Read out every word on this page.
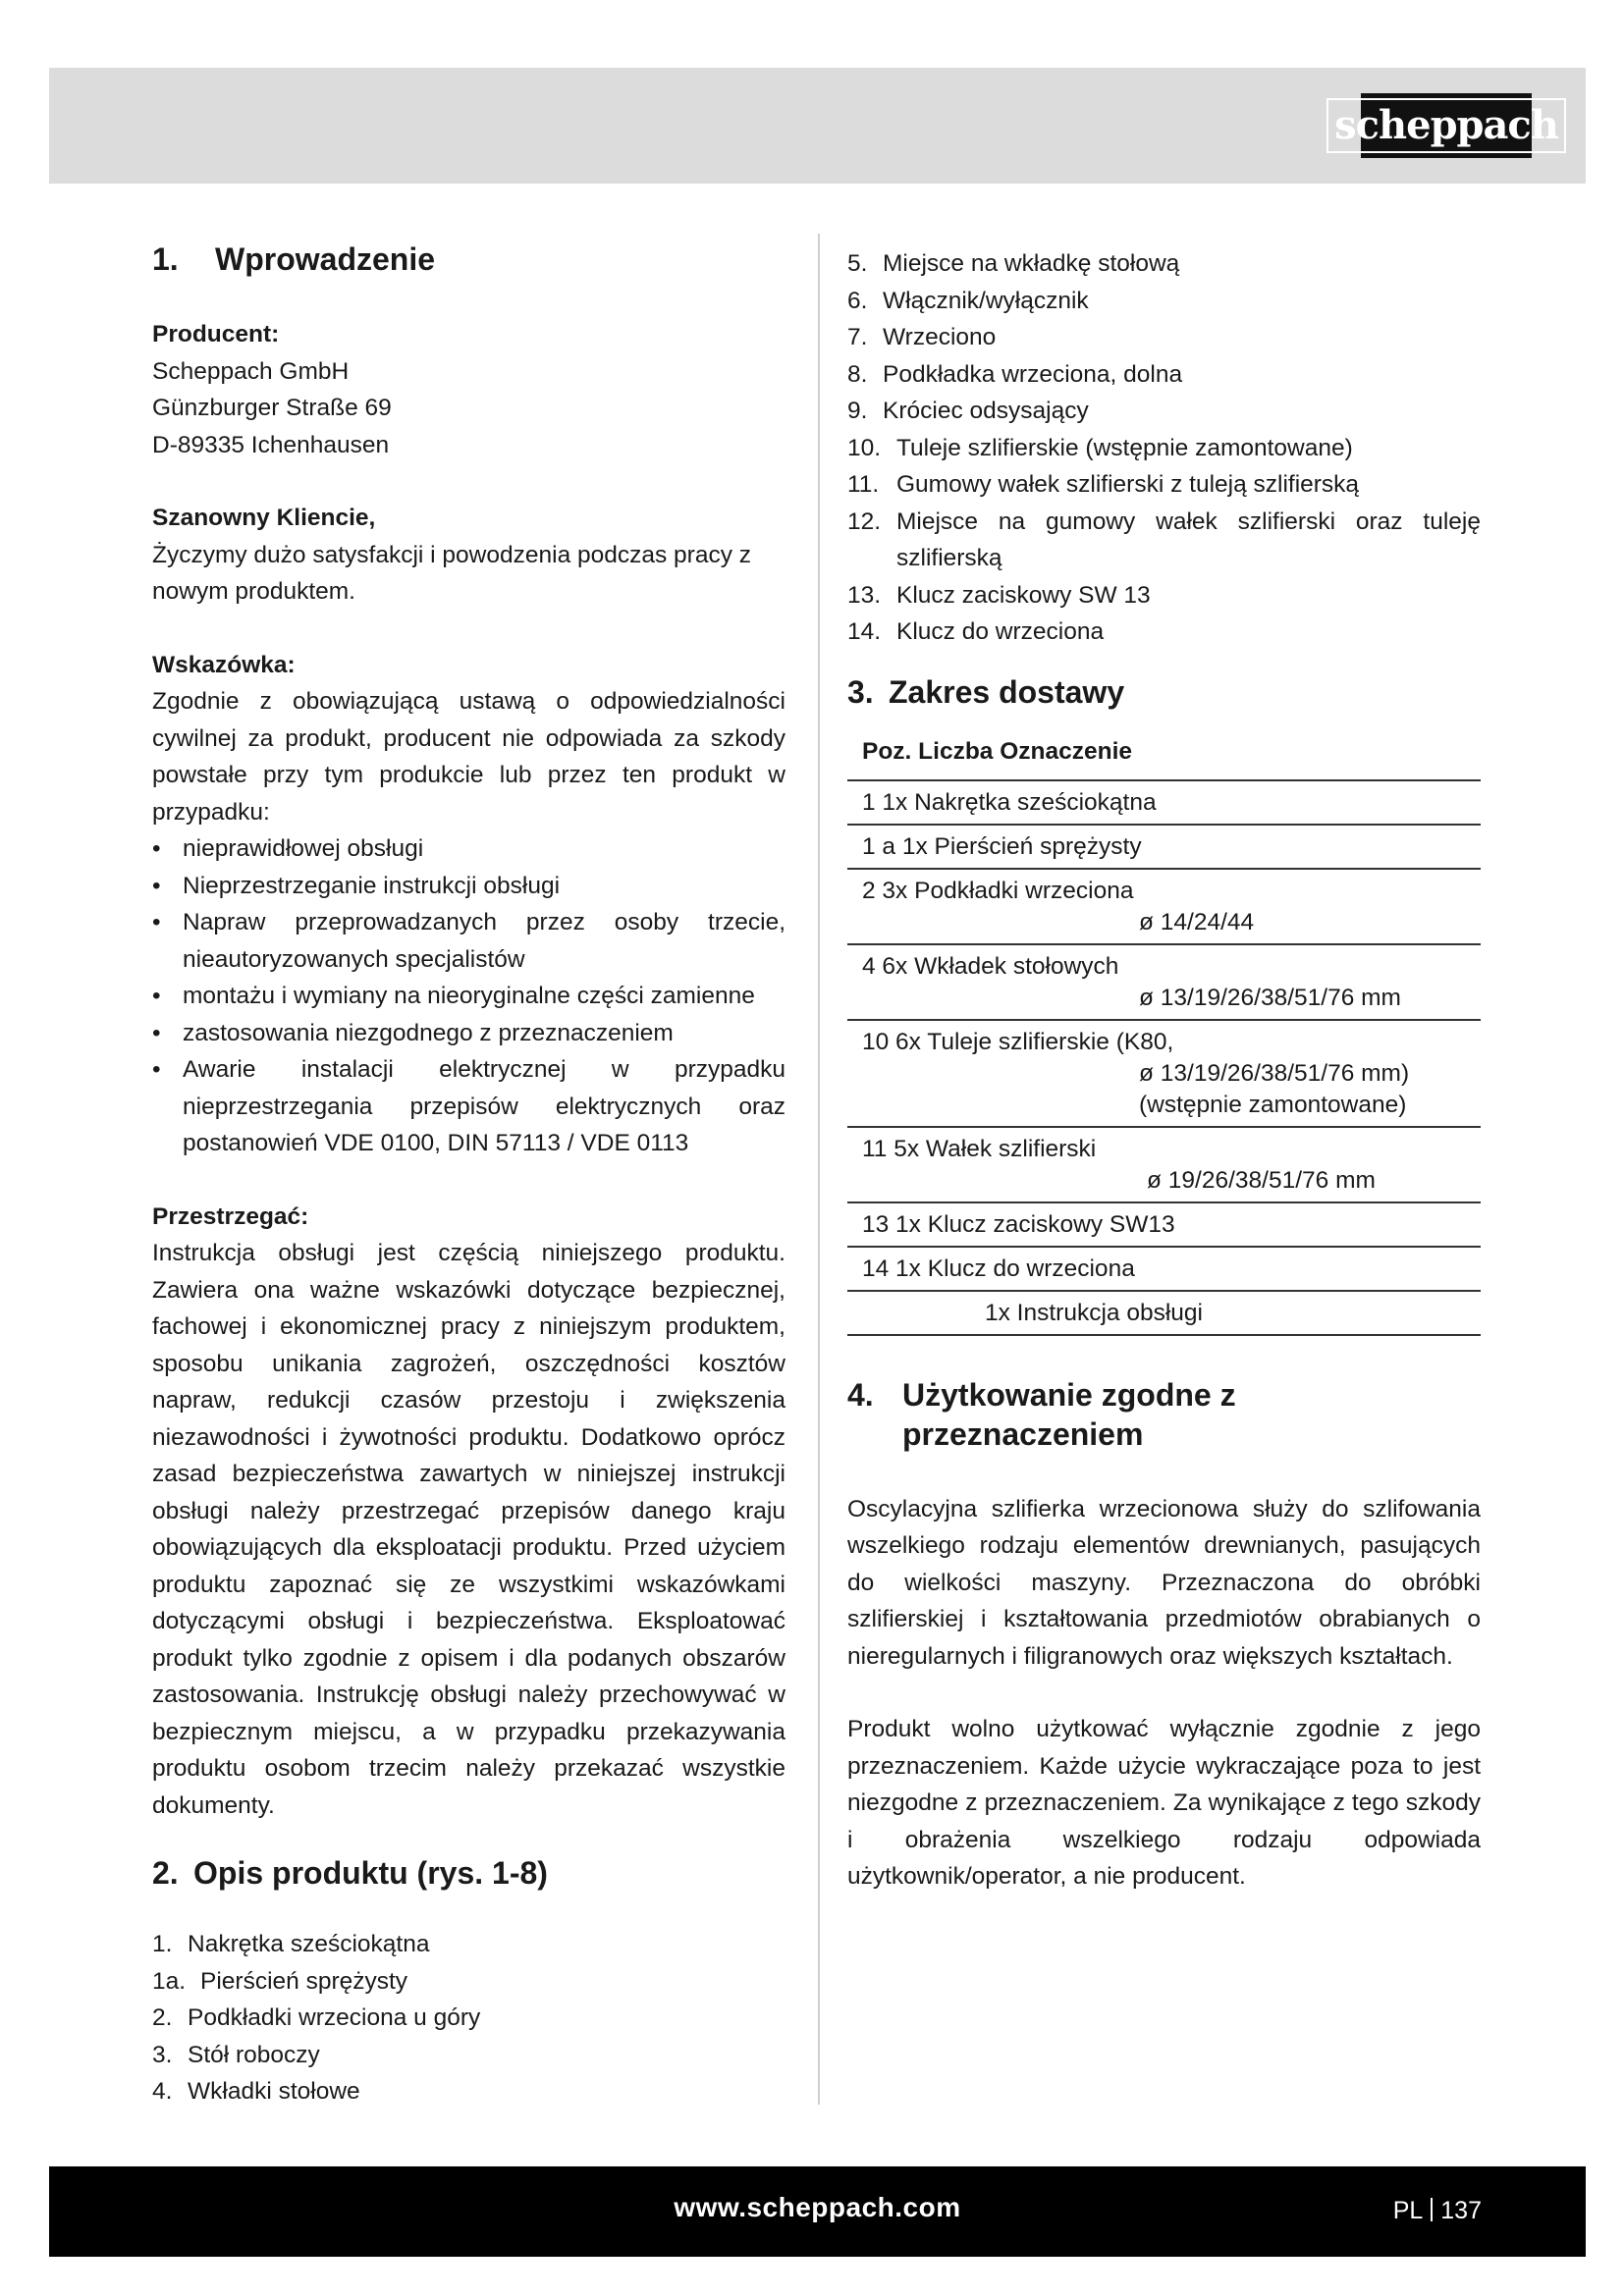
scheppach
1. Wprowadzenie
Producent:
Scheppach GmbH
Günzburger Straße 69
D-89335 Ichenhausen
Szanowny Kliencie,
Życzymy dużo satysfakcji i powodzenia podczas pracy z nowym produktem.
Wskazówka:
Zgodnie z obowiązującą ustawą o odpowiedzialności cywilnej za produkt, producent nie odpowiada za szkody powstałe przy tym produkcie lub przez ten produkt w przypadku:
• nieprawidłowej obsługi
• Nieprzestrzeganie instrukcji obsługi
• Napraw przeprowadzanych przez osoby trzecie, nieautoryzowanych specjalistów
• montażu i wymiany na nieoryginalne części zamienne
• zastosowania niezgodnego z przeznaczeniem
• Awarie instalacji elektrycznej w przypadku nieprzestrzegania przepisów elektrycznych oraz postanowień VDE 0100, DIN 57113 / VDE 0113
Przestrzegać:
Instrukcja obsługi jest częścią niniejszego produktu. Zawiera ona ważne wskazówki dotyczące bezpiecznej, fachowej i ekonomicznej pracy z niniejszym produktem, sposobu unikania zagrożeń, oszczędności kosztów napraw, redukcji czasów przestoju i zwiększenia niezawodności i żywotności produktu. Dodatkowo oprócz zasad bezpieczeństwa zawartych w niniejszej instrukcji obsługi należy przestrzegać przepisów danego kraju obowiązujących dla eksploatacji produktu. Przed użyciem produktu zapoznać się ze wszystkimi wskazówkami dotyczącymi obsługi i bezpieczeństwa. Eksploatować produkt tylko zgodnie z opisem i dla podanych obszarów zastosowania. Instrukcję obsługi należy przechowywać w bezpiecznym miejscu, a w przypadku przekazywania produktu osobom trzecim należy przekazać wszystkie dokumenty.
2. Opis produktu (rys. 1-8)
1. Nakrętka sześciokątna
1a. Pierścień sprężysty
2. Podkładki wrzeciona u góry
3. Stół roboczy
4. Wkładki stołowe
5. Miejsce na wkładkę stołową
6. Włącznik/wyłącznik
7. Wrzeciono
8. Podkładka wrzeciona, dolna
9. Króciec odsysający
10. Tuleje szlifierskie (wstępnie zamontowane)
11. Gumowy wałek szlifierski z tuleją szlifierską
12. Miejsce na gumowy wałek szlifierski oraz tuleję szlifierską
13. Klucz zaciskowy SW 13
14. Klucz do wrzeciona
3. Zakres dostawy
Poz. Liczba Oznaczenie
1 1x Nakrętka sześciokątna
1 a 1x Pierścień sprężysty
2 3x Podkładki wrzeciona
ø 14/24/44
4 6x Wkładek stołowych
ø 13/19/26/38/51/76 mm
10 6x Tuleje szlifierskie (K80,
ø 13/19/26/38/51/76 mm)
(wstępnie zamontowane)
11 5x Wałek szlifierski
ø 19/26/38/51/76 mm
13 1x Klucz zaciskowy SW13
14 1x Klucz do wrzeciona
1x Instrukcja obsługi
4. Użytkowanie zgodne z przeznaczeniem
Oscylacyjna szlifierka wrzecionowa służy do szlifowania wszelkiego rodzaju elementów drewnianych, pasujących do wielkości maszyny. Przeznaczona do obróbki szlifierskiej i kształtowania przedmiotów obrabianych o nieregularnych i filigranowych oraz większych kształtach.
Produkt wolno użytkować wyłącznie zgodnie z jego przeznaczeniem. Każde użycie wykraczające poza to jest niezgodne z przeznaczeniem. Za wynikające z tego szkody i obrażenia wszelkiego rodzaju odpowiada użytkownik/operator, a nie producent.
www.scheppach.com	PL 137
